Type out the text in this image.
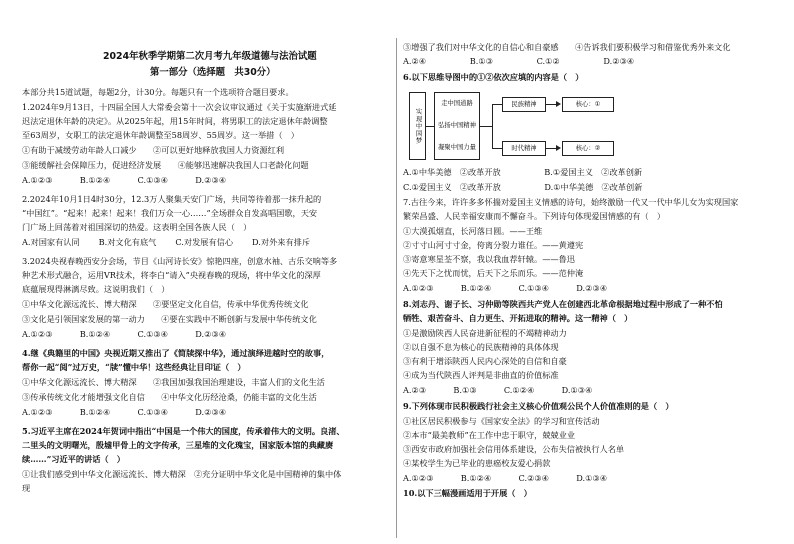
2024年秋季学期第二次月考九年级道德与法治试题
第一部分（选择题　共30分）
本部分共15道试题，每题2分，计30分。每题只有一个选项符合题目要求。
1.2024年9月13日，十四届全国人大常委会第十一次会议审议通过《关于实施渐进式延
迟法定退休年龄的决定》。从2025年起，用15年时间，将男职工的法定退休年龄调整
至63周岁，女职工的法定退休年龄调整至58周岁、55周岁。这一举措（　）
①有助于减缓劳动年龄人口减少　　②可以更好地释放我国人力资源红利
③能缓解社会保障压力，促进经济发展　　④能够迅速解决我国人口老龄化问题
A.①②③　　　 B.①②④　　　 C.①③④　　　 D.②③④
2.2024年10月1日4时30分，12.3万人聚集天安门广场，共同等待着那一抹升起的
“中国红”。“起来！起来！起来！我们万众一心……”全场群众自发高唱国歌，天安
门广场上回荡着对祖国深切的热爱。这表明全国各族人民（　）
A.对国家有认同　　 B.对文化有底气　　 C.对发展有信心　　 D.对外来有排斥
3.2024央视春晚西安分会场，节目《山河诗长安》惊艳四座，创意水袖、古乐交响等多
种艺术形式融合，运用VR技术，将李白“请入”央视春晚的现场，将中华文化的深厚
底蕴展现得淋漓尽致。这说明我们（　）
①中华文化源远流长、博大精深　　②要坚定文化自信，传承中华优秀传统文化
③文化是引领国家发展的第一动力　　④要在实践中不断创新与发展中华传统文化
A.①②③　　　 B.①②④　　　 C.①③④　　　 D.②③④
4.继《典籍里的中国》央视近期又推出了《简牍探中华》，通过演绎进越时空的故事，
帮你一起“阅”过万史，“牍”懂中华！这些经典让目印证（　）
①中华文化源远流长、博大精深　　②我国加强我国治理建设，丰富人们的文化生活
③传承传统文化才能增强文化自信　　④中华文化历经沧桑，仍能丰富的文化生活
A.①②③　　　 B.①②④　　　 C.①③④　　　 D.②③④
5.习近平主席在2024年贺词中指出“中国是一个伟大的国度，传承着伟大的文明。良渚、
二里头的文明曙光，殷墟甲骨上的文字传承，三星堆的文化瑰宝，国家版本馆的典藏赓
续……”习近平的讲话（　）
①让我们感受到中华文化源远流长、博大精深　②充分证明中华文化是中国精神的集中体
现
③增强了我们对中华文化的自信心和自豪感　　④告诉我们要积极学习和借鉴优秀外来文化
A.②④　　　　　 B.①③　　　　　 C.①②　　　　　 D.②③④
6.以下思维导图中的①②依次应填的内容是（　）
实现中国梦
走中国道路
弘扬中国精神
凝聚中国力量
民族精神
时代精神
核心：①
核心：②
A.①中华美德　②改革开放　　　　　 B.①爱国主义　②改革创新
C.①爱国主义　②改革开放　　　　　 D.①中华美德　②改革创新
7.古往今来，许许多多怀揣对爱国主义情感的诗句，始终激励一代又一代中华儿女为实现国家
繁荣昌盛、人民幸福安康而不懈奋斗。下列诗句体现爱国情感的有（　）
①大漠孤烟直，长河落日圆。——王维
②寸寸山河寸寸金，侉离分裂力谁任。——黄遵宪
③寄意寒星荃不察，我以我血荐轩辕。——鲁迅
④先天下之忧而忧，后天下之乐而乐。——范仲淹
A.①②③　　　 B.①②④　　　 C.①③④　　　 D.②③④
8.刘志丹、谢子长、习仲勋等陕西共产党人在创建西北革命根据地过程中形成了一种不怕
牺牲、艰苦奋斗、自力更生、开拓进取的精神。这一精神（　）
①是激励陕西人民奋进新征程的不竭精神动力
②以自强不息为核心的民族精神的具体体现
③有利于增添陕西人民内心深处的自信和自豪
④成为当代陕西人评判是非曲直的价值标准
A.②③　　　 B.①③　　　 C.①②④　　　 D.①③④
9.下列体现市民积极践行社会主义核心价值观公民个人价值准则的是（　）
①社区居民积极参与《国家安全法》的学习和宣传活动
②本市“最美教师”在工作中忠于职守，兢兢业业
③西安市政府加强社会信用体系建设，公布失信被执行人名单
④某校学生为已毕业的患癌校友爱心捐款
A.①②③　　　 B.①②④　　　 C.②③④　　　 D.①③④
10.以下三幅漫画适用于开展（　）
